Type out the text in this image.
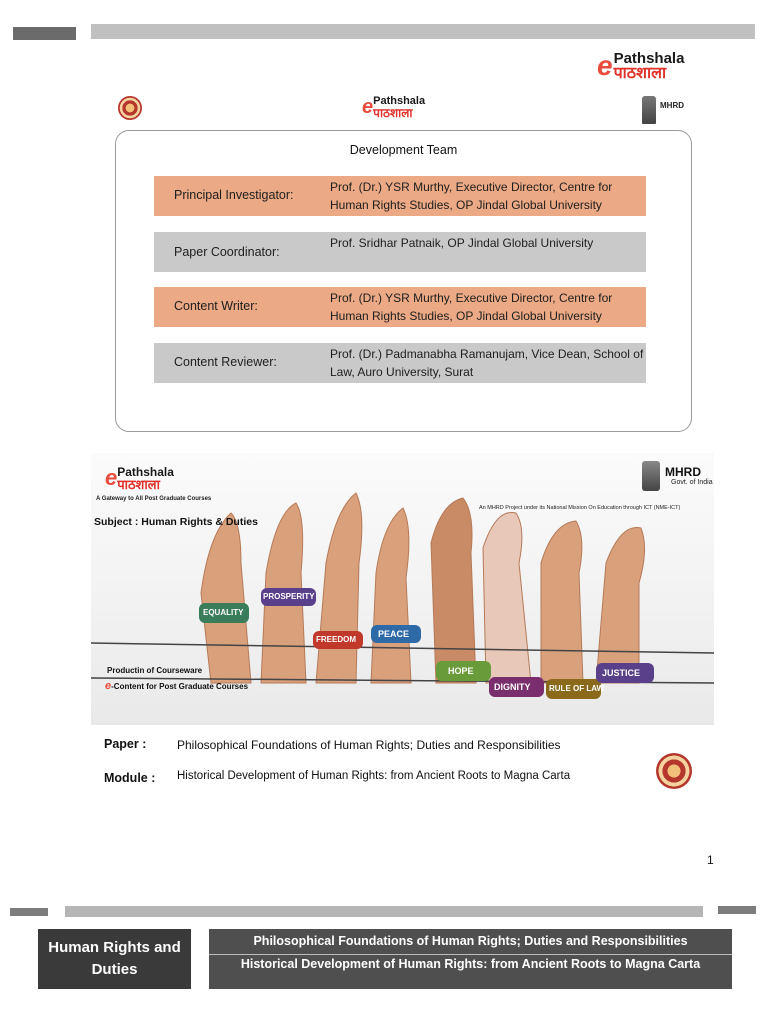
e Pathshala
पाठशाला
e Pathshala
पाठशाला
MHRD
Development Team
Principal Investigator:
Prof. (Dr.) YSR Murthy, Executive Director, Centre for Human Rights Studies, OP Jindal Global University
Paper Coordinator:
Prof. Sridhar Patnaik, OP Jindal Global University
Content Writer:
Prof. (Dr.) YSR Murthy, Executive Director, Centre for Human Rights Studies, OP Jindal Global University
Content Reviewer:
Prof. (Dr.) Padmanabha Ramanujam, Vice Dean, School of Law, Auro University, Surat
EQUALITY
PROSPERITY
FREEDOM
PEACE
HOPE
DIGNITY RULE OF LAW
JUSTICE
e Pathshala
पाठशाला
A Gateway to All Post Graduate Courses
Subject : Human Rights & Duties
MHRD
Govt. of India
An MHRD Project under its National Mission On Education through ICT (NME-ICT)
Productin of Courseware
e-Content for Post Graduate Courses
Paper :	Philosophical Foundations of Human Rights; Duties and Responsibilities
Module : Historical Development of Human Rights: from Ancient Roots to Magna Carta
1
Human Rights and Duties
Philosophical Foundations of Human Rights; Duties and Responsibilities
Historical Development of Human Rights: from Ancient Roots to Magna Carta
